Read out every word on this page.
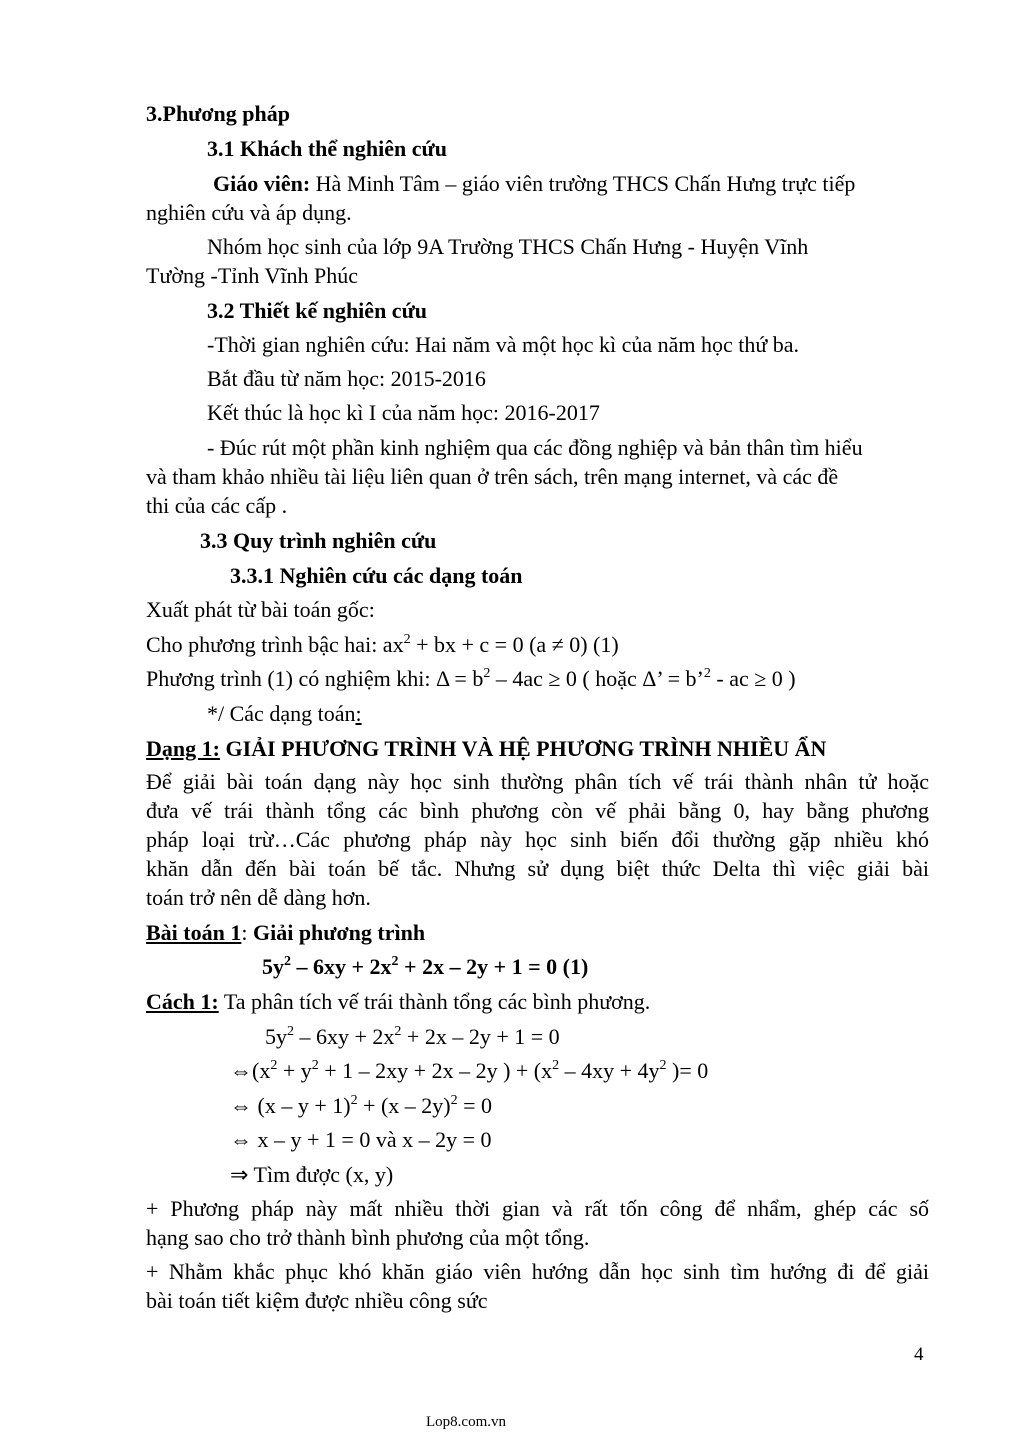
3.Phương pháp
3.1 Khách thể nghiên cứu
Giáo viên: Hà Minh Tâm – giáo viên trường THCS Chấn Hưng trực tiếp
nghiên cứu và áp dụng.
Nhóm học sinh của lớp 9A Trường THCS Chấn Hưng - Huyện Vĩnh
Tường -Tỉnh Vĩnh Phúc
3.2 Thiết kế nghiên cứu
-Thời gian nghiên cứu: Hai năm và một học kì của năm học thứ ba.
Bắt đầu từ năm học: 2015-2016
Kết thúc là học kì I của năm học: 2016-2017
- Đúc rút một phần kinh nghiệm qua các đồng nghiệp và bản thân tìm hiểu
và tham khảo nhiều tài liệu liên quan ở trên sách, trên mạng internet, và các đề
thi của các cấp .
3.3 Quy trình nghiên cứu
3.3.1 Nghiên cứu các dạng toán
Xuất phát từ bài toán gốc:
Cho phương trình bậc hai: $ax^2$ + bx + c = 0 (a ≠ 0) (1)
Phương trình (1) có nghiệm khi: $\Delta = b^2 - 4ac \ge 0$ ( hoặc Δ’ = b’$^2$ - ac ≥ 0 )
*/ Các dạng toán:
Dạng 1: GIẢI PHƯƠNG TRÌNH VÀ HỆ PHƯƠNG TRÌNH NHIỀU ẨN
Để giải bài toán dạng này học sinh thường phân tích vế trái thành nhân tử hoặc
đưa vế trái thành tổng các bình phương còn vế phải bằng 0, hay bằng phương
pháp loại trừ…Các phương pháp này học sinh biến đổi thường gặp nhiều khó
khăn dẫn đến bài toán bế tắc. Nhưng sử dụng biệt thức Delta thì việc giải bài
toán trở nên dễ dàng hơn.
Bài toán 1: Giải phương trình
$5y^2 - 6xy + 2x^2 + 2x - 2y + 1 = 0$ (1)
Cách 1: Ta phân tích vế trái thành tổng các bình phương.
$5y^2 - 6xy + 2x^2 + 2x - 2y + 1 = 0$
$\Leftrightarrow(x^2 + y^2 + 1 - 2xy + 2x - 2y$ ) + ($x^2 - 4xy + 4y^2$ )= 0
⇔ $(x - y + 1)^2 + (x - 2y)^2 = 0$
⇔ x – y + 1 = 0 và x – 2y = 0
⇒ Tìm được (x, y)
+ Phương pháp này mất nhiều thời gian và rất tốn công để nhẩm, ghép các số
hạng sao cho trở thành bình phương của một tổng.
+ Nhằm khắc phục khó khăn giáo viên hướng dẫn học sinh tìm hướng đi để giải
bài toán tiết kiệm được nhiều công sức
4
Lop8.com.vn
